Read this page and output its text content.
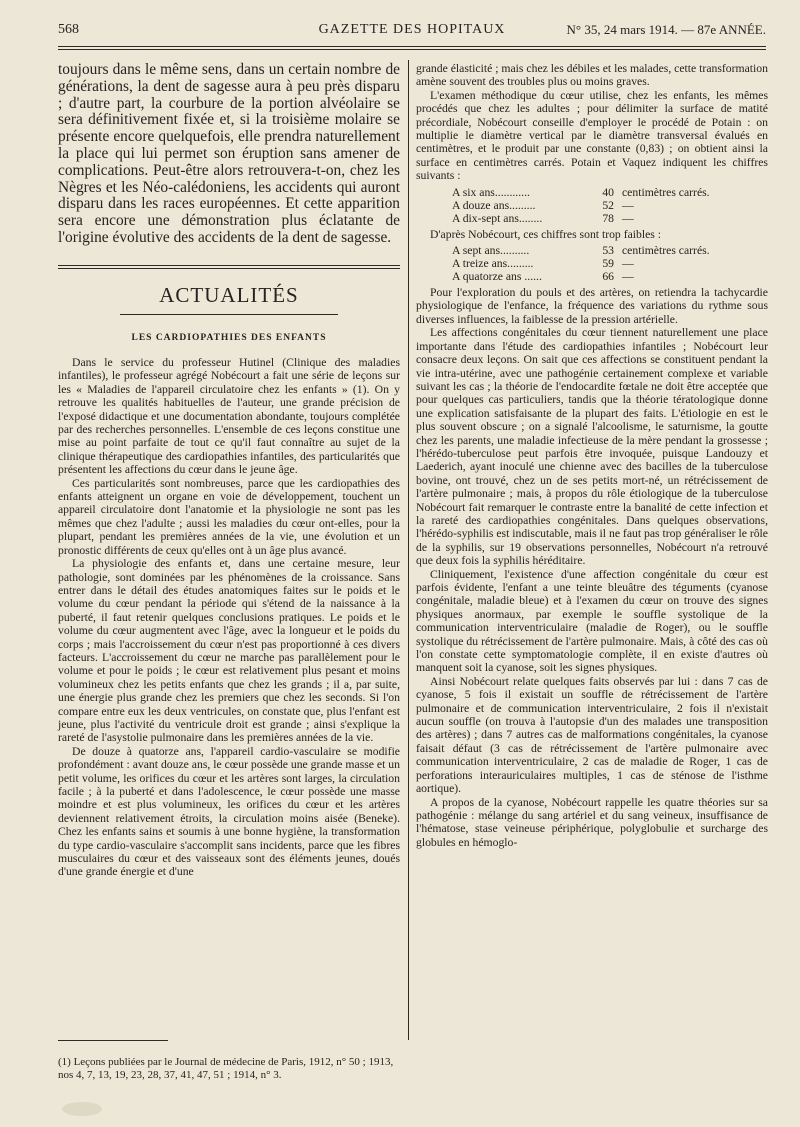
568	GAZETTE DES HOPITAUX	N° 35, 24 mars 1914. — 87e ANNÉE.

toujours dans le même sens, dans un certain nombre de générations, la dent de sagesse aura à peu près disparu ; d'autre part, la courbure de la portion alvéolaire se sera définitivement fixée et, si la troisième molaire se présente encore quelquefois, elle prendra naturellement la place qui lui permet son éruption sans amener de complications. Peut-être alors retrouvera-t-on, chez les Nègres et les Néo-calédoniens, les accidents qui auront disparu dans les races européennes. Et cette apparition sera encore une démonstration plus éclatante de l'origine évolutive des accidents de la dent de sagesse.

ACTUALITÉS
LES CARDIOPATHIES DES ENFANTS

Dans le service du professeur Hutinel (Clinique des maladies infantiles), le professeur agrégé Nobécourt a fait une série de leçons sur les « Maladies de l'appareil circulatoire chez les enfants » (1). On y retrouve les qualités habituelles de l'auteur, une grande précision de l'exposé didactique et une documentation abondante, toujours complétée par des recherches personnelles. L'ensemble de ces leçons constitue une mise au point parfaite de tout ce qu'il faut connaître au sujet de la clinique thérapeutique des cardiopathies infantiles, des particularités que présentent les affections du cœur dans le jeune âge.

Ces particularités sont nombreuses, parce que les cardiopathies des enfants atteignent un organe en voie de développement, touchent un appareil circulatoire dont l'anatomie et la physiologie ne sont pas les mêmes que chez l'adulte ; aussi les maladies du cœur ont-elles, pour la plupart, pendant les premières années de la vie, une évolution et un pronostic différents de ceux qu'elles ont à un âge plus avancé.

La physiologie des enfants et, dans une certaine mesure, leur pathologie, sont dominées par les phénomènes de la croissance. Sans entrer dans le détail des études anatomiques faites sur le poids et le volume du cœur pendant la période qui s'étend de la naissance à la puberté, il faut retenir quelques conclusions pratiques. Le poids et le volume du cœur augmentent avec l'âge, avec la longueur et le poids du corps ; mais l'accroissement du cœur n'est pas proportionné à ces divers facteurs. L'accroissement du cœur ne marche pas parallèlement pour le volume et pour le poids ; le cœur est relativement plus pesant et moins volumineux chez les petits enfants que chez les grands ; il a, par suite, une énergie plus grande chez les premiers que chez les seconds. Si l'on compare entre eux les deux ventricules, on constate que, plus l'enfant est jeune, plus l'activité du ventricule droit est grande ; ainsi s'explique la rareté de l'asystolie pulmonaire dans les premières années de la vie.

De douze à quatorze ans, l'appareil cardio-vasculaire se modifie profondément : avant douze ans, le cœur possède une grande masse et un petit volume, les orifices du cœur et les artères sont larges, la circulation facile ; à la puberté et dans l'adolescence, le cœur possède une masse moindre et est plus volumineux, les orifices du cœur et les artères deviennent relativement étroits, la circulation moins aisée (Beneke). Chez les enfants sains et soumis à une bonne hygiène, la transformation du type cardio-vasculaire s'accomplit sans incidents, parce que les fibres musculaires du cœur et des vaisseaux sont des éléments jeunes, doués d'une grande énergie et d'une

(1) Leçons publiées par le Journal de médecine de Paris, 1912, n° 50 ; 1913, nos 4, 7, 13, 19, 23, 28, 37, 41, 47, 51 ; 1914, n° 3.

grande élasticité ; mais chez les débiles et les malades, cette transformation amène souvent des troubles plus ou moins graves.

L'examen méthodique du cœur utilise, chez les enfants, les mêmes procédés que chez les adultes ; pour délimiter la surface de matité précordiale, Nobécourt conseille d'employer le procédé de Potain : on multiplie le diamètre vertical par le diamètre transversal évalués en centimètres, et le produit par une constante (0,83) ; on obtient ainsi la surface en centimètres carrés. Potain et Vaquez indiquent les chiffres suivants :

A six ans............	40 centimètres carrés.
A douze ans.........	52 —
A dix-sept ans........	78 —

D'après Nobécourt, ces chiffres sont trop faibles :

A sept ans..........	53 centimètres carrés.
A treize ans.........	59 —
A quatorze ans ......	66 —

Pour l'exploration du pouls et des artères, on retiendra la tachycardie physiologique de l'enfance, la fréquence des variations du rythme sous diverses influences, la faiblesse de la pression artérielle.

Les affections congénitales du cœur tiennent naturellement une place importante dans l'étude des cardiopathies infantiles ; Nobécourt leur consacre deux leçons. On sait que ces affections se constituent pendant la vie intra-utérine, avec une pathogénie certainement complexe et variable suivant les cas ; la théorie de l'endocardite fœtale ne doit être acceptée que pour quelques cas particuliers, tandis que la théorie tératologique donne une explication satisfaisante de la plupart des faits. L'étiologie en est le plus souvent obscure ; on a signalé l'alcoolisme, le saturnisme, la goutte chez les parents, une maladie infectieuse de la mère pendant la grossesse ; l'hérédo-tuberculose peut parfois être invoquée, puisque Landouzy et Laederich, ayant inoculé une chienne avec des bacilles de la tuberculose bovine, ont trouvé, chez un de ses petits mort-né, un rétrécissement de l'artère pulmonaire ; mais, à propos du rôle étiologique de la tuberculose Nobécourt fait remarquer le contraste entre la banalité de cette infection et la rareté des cardiopathies congénitales. Dans quelques observations, l'hérédo-syphilis est indiscutable, mais il ne faut pas trop généraliser le rôle de la syphilis, sur 19 observations personnelles, Nobécourt n'a retrouvé que deux fois la syphilis héréditaire.

Cliniquement, l'existence d'une affection congénitale du cœur est parfois évidente, l'enfant a une teinte bleuâtre des téguments (cyanose congénitale, maladie bleue) et à l'examen du cœur on trouve des signes physiques anormaux, par exemple le souffle systolique de la communication interventriculaire (maladie de Roger), ou le souffle systolique du rétrécissement de l'artère pulmonaire. Mais, à côté des cas où l'on constate cette symptomatologie complète, il en existe d'autres où manquent soit la cyanose, soit les signes physiques.

Ainsi Nobécourt relate quelques faits observés par lui : dans 7 cas de cyanose, 5 fois il existait un souffle de rétrécissement de l'artère pulmonaire et de communication interventriculaire, 2 fois il n'existait aucun souffle (on trouva à l'autopsie d'un des malades une transposition des artères) ; dans 7 autres cas de malformations congénitales, la cyanose faisait défaut (3 cas de rétrécissement de l'artère pulmonaire avec communication interventriculaire, 2 cas de maladie de Roger, 1 cas de perforations interauriculaires multiples, 1 cas de sténose de l'isthme aortique).

A propos de la cyanose, Nobécourt rappelle les quatre théories sur sa pathogénie : mélange du sang artériel et du sang veineux, insuffisance de l'hématose, stase veineuse périphérique, polyglobulie et surcharge des globules en hémoglo-
